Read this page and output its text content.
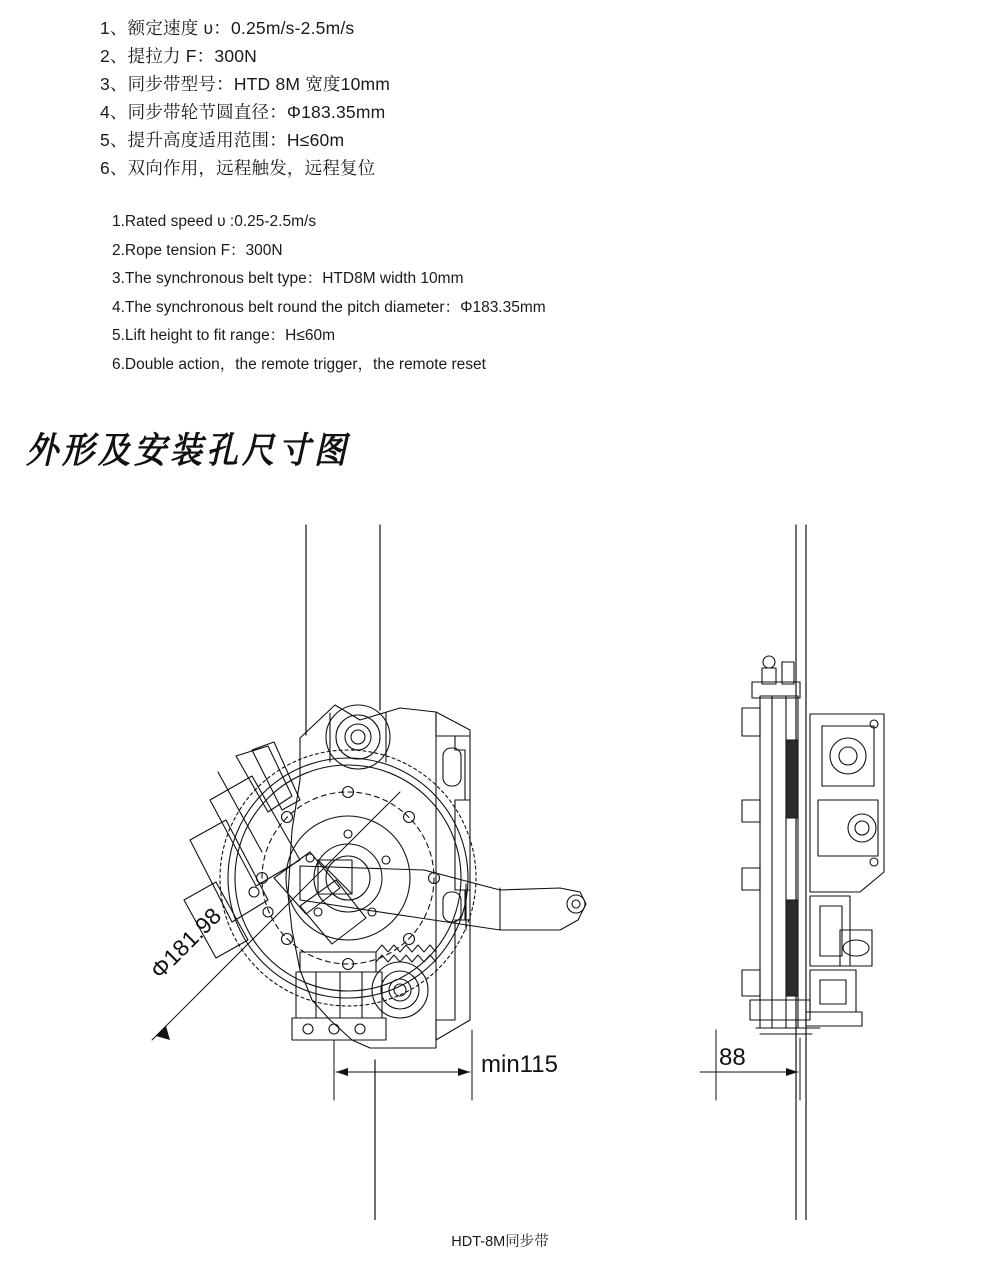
1、额定速度 υ：0.25m/s-2.5m/s
2、提拉力 F：300N
3、同步带型号：HTD 8M 宽度10mm
4、同步带轮节圆直径：Φ183.35mm
5、提升高度适用范围：H≤60m
6、双向作用，远程触发，远程复位
1.Rated speed υ :0.25-2.5m/s
2.Rope tension F：300N
3.The synchronous belt type：HTD8M width 10mm
4.The synchronous belt round the pitch diameter：Φ183.35mm
5.Lift height to fit range：H≤60m
6.Double action，the remote trigger，the remote reset
外形及安装孔尺寸图
Φ181.98
min115	88
HDT-8M同步带
